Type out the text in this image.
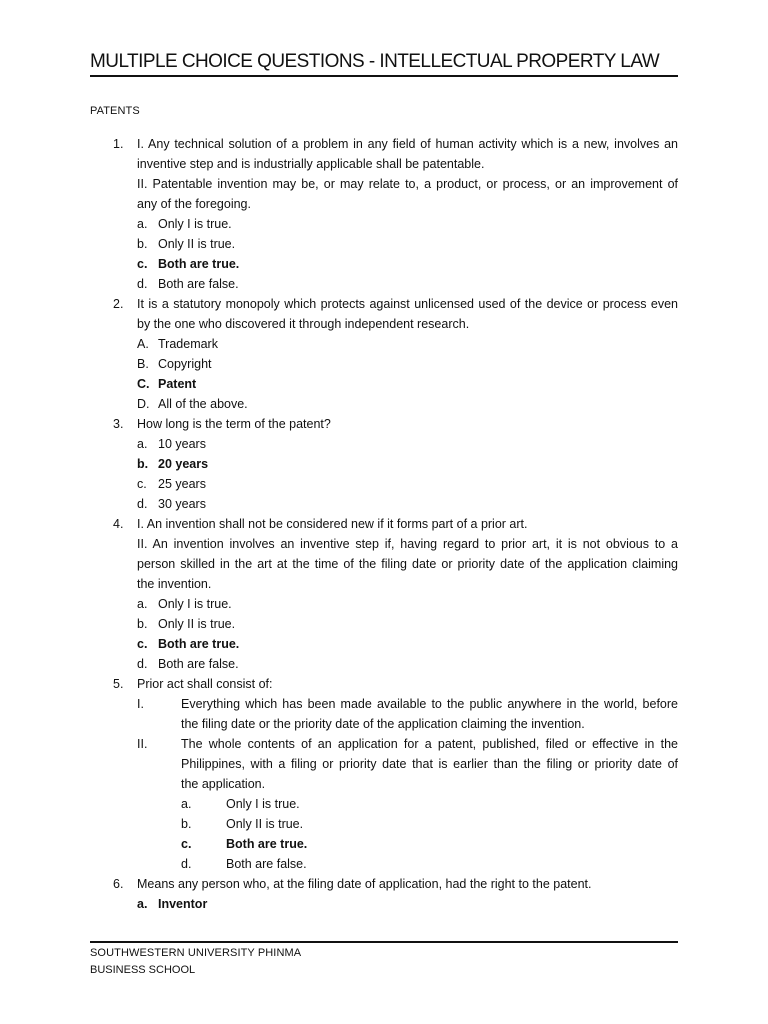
MULTIPLE CHOICE QUESTIONS - INTELLECTUAL PROPERTY LAW
PATENTS
1. I. Any technical solution of a problem in any field of human activity which is a new, involves an
inventive step and is industrially applicable shall be patentable.
II. Patentable invention may be, or may relate to, a product, or process, or an improvement of
any of the foregoing.
a. Only I is true.
b. Only II is true.
c. Both are true.
d. Both are false.
2. It is a statutory monopoly which protects against unlicensed used of the device or process even
by the one who discovered it through independent research.
A. Trademark
B. Copyright
C. Patent
D. All of the above.
3. How long is the term of the patent?
a. 10 years
b. 20 years
c. 25 years
d. 30 years
4. I. An invention shall not be considered new if it forms part of a prior art.
II. An invention involves an inventive step if, having regard to prior art, it is not obvious to a
person skilled in the art at the time of the filing date or priority date of the application claiming
the invention.
a. Only I is true.
b. Only II is true.
c. Both are true.
d. Both are false.
5. Prior act shall consist of:
I.	Everything which has been made available to the public anywhere in the world, before
the filing date or the priority date of the application claiming the invention.
II.	The whole contents of an application for a patent, published, filed or effective in the
Philippines, with a filing or priority date that is earlier than the filing or priority date of
the application.
a.	Only I is true.
b.	Only II is true.
c.	Both are true.
d.	Both are false.
6. Means any person who, at the filing date of application, had the right to the patent.
a. Inventor
SOUTHWESTERN UNIVERSITY PHINMA
BUSINESS SCHOOL
